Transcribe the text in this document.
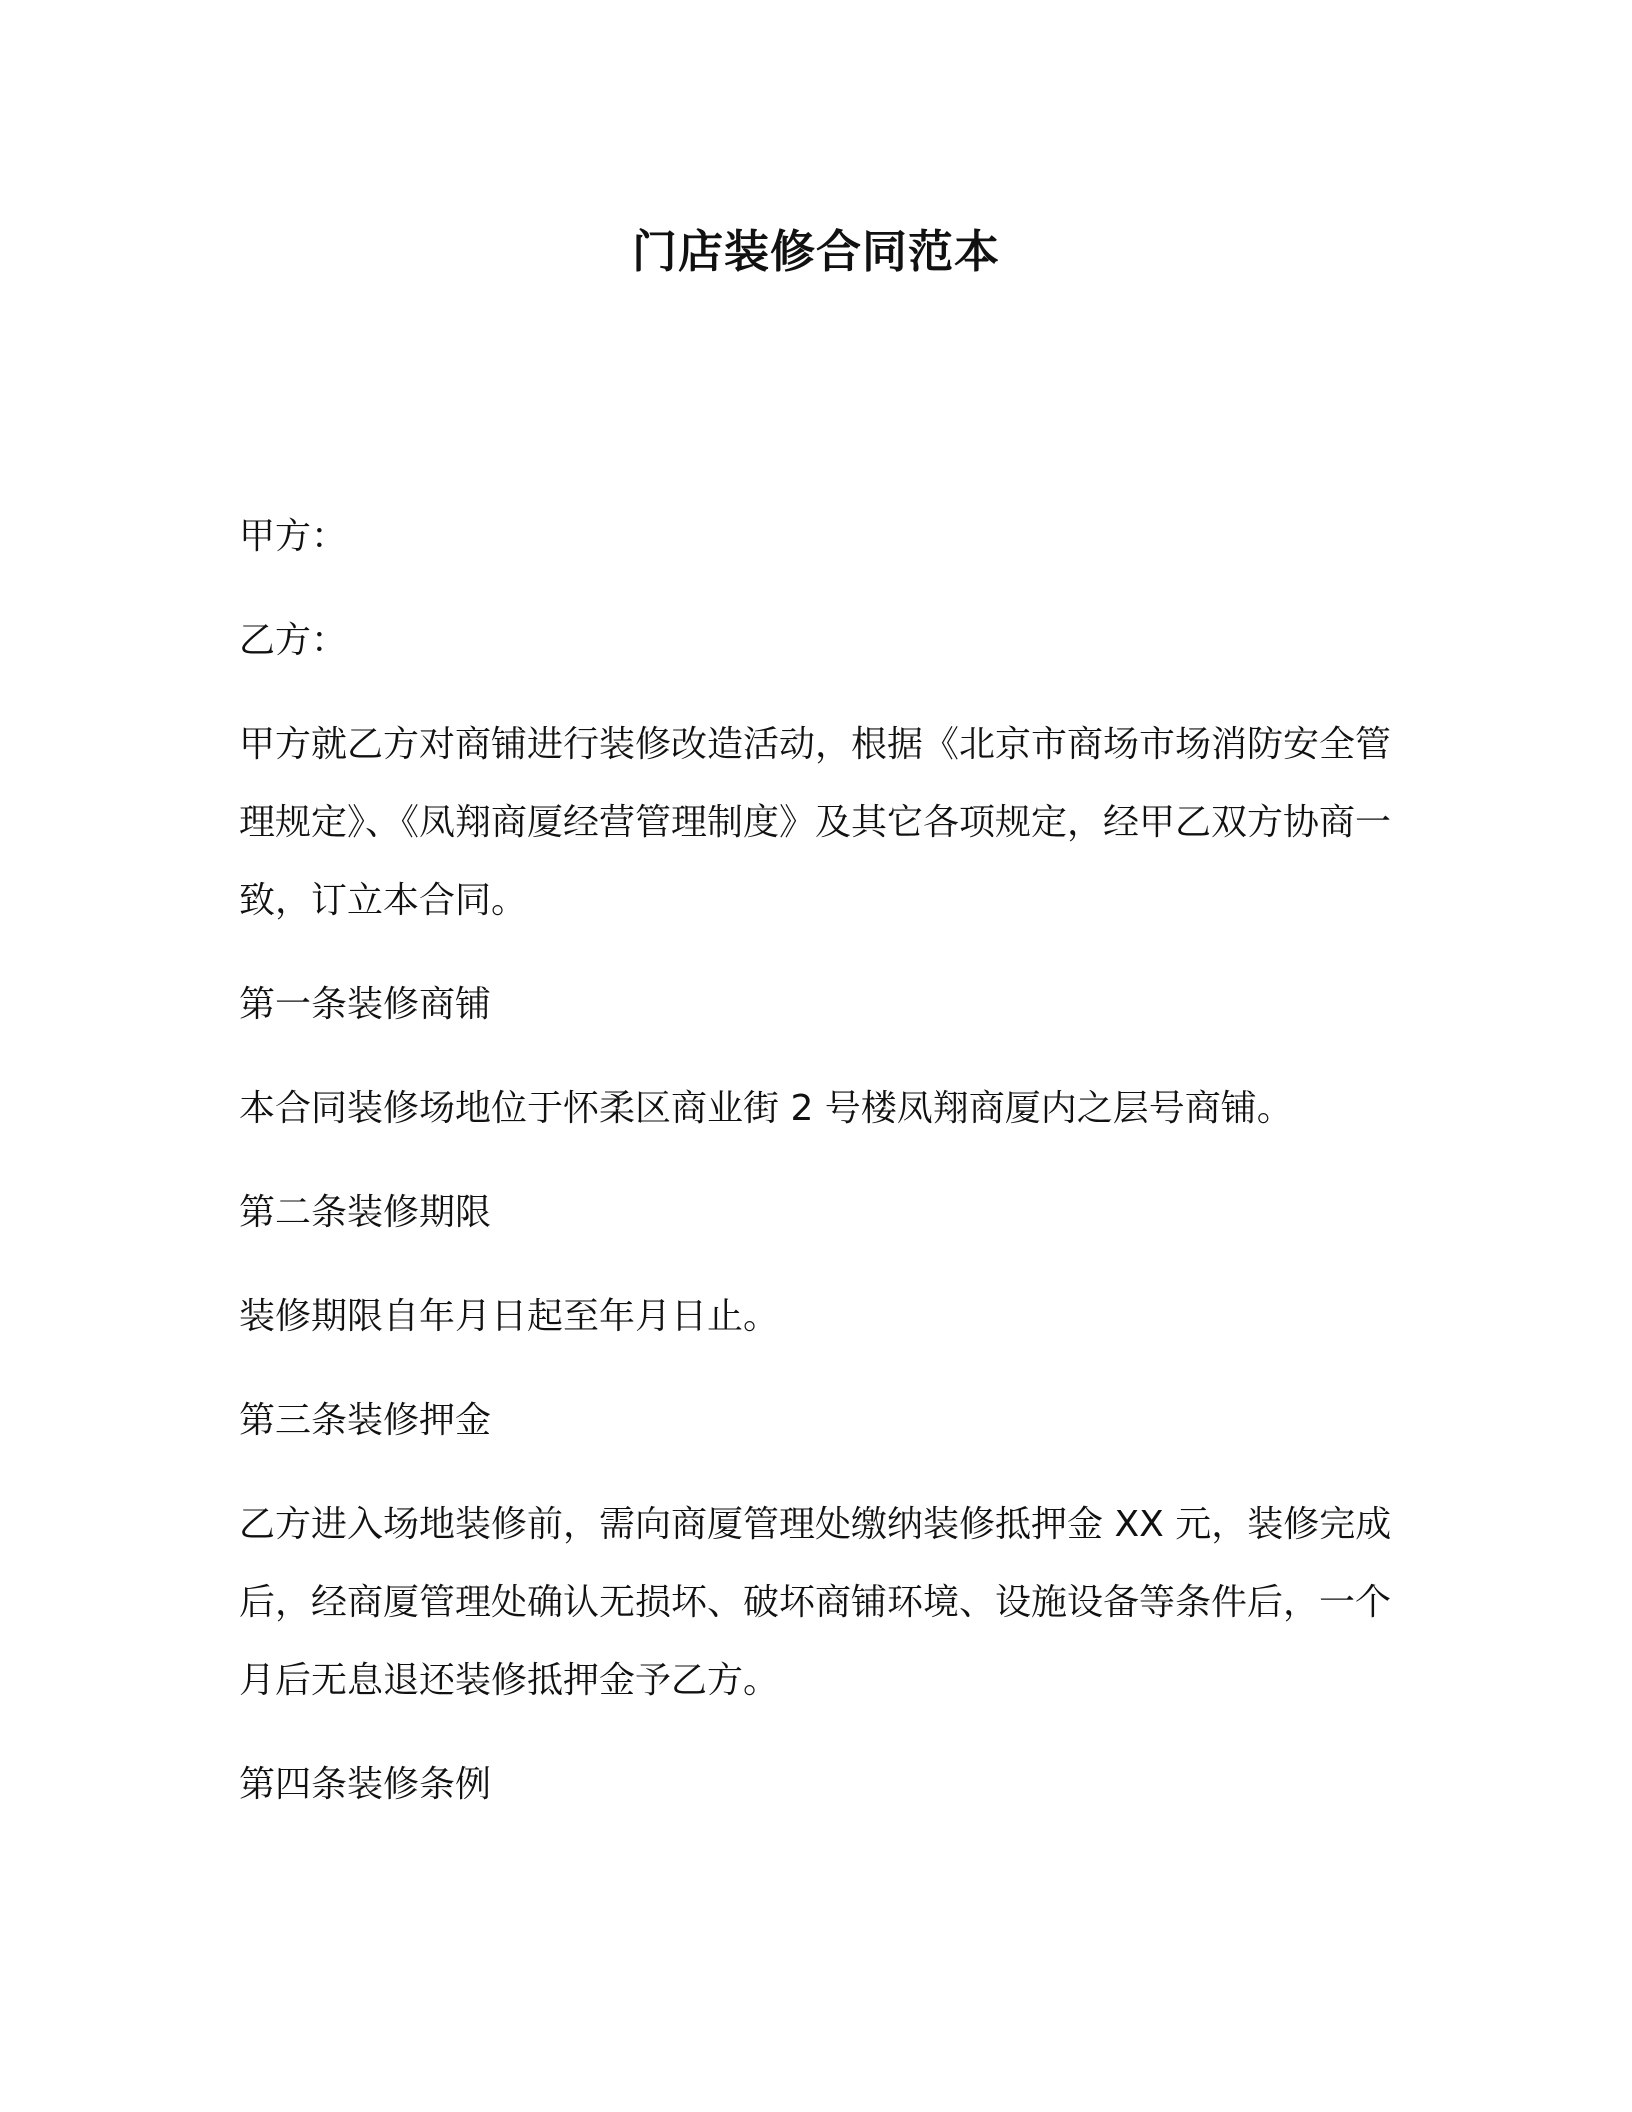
门店装修合同范本

甲方：

乙方：

甲方就乙方对商铺进行装修改造活动，根据《北京市商场市场消防安全管理规定》、《凤翔商厦经营管理制度》及其它各项规定，经甲乙双方协商一致，订立本合同。

第一条装修商铺

本合同装修场地位于怀柔区商业街 2 号楼凤翔商厦内之层号商铺。

第二条装修期限

装修期限自年月日起至年月日止。

第三条装修押金

乙方进入场地装修前，需向商厦管理处缴纳装修抵押金 XX 元，装修完成后，经商厦管理处确认无损坏、破坏商铺环境、设施设备等条件后，一个月后无息退还装修抵押金予乙方。

第四条装修条例
